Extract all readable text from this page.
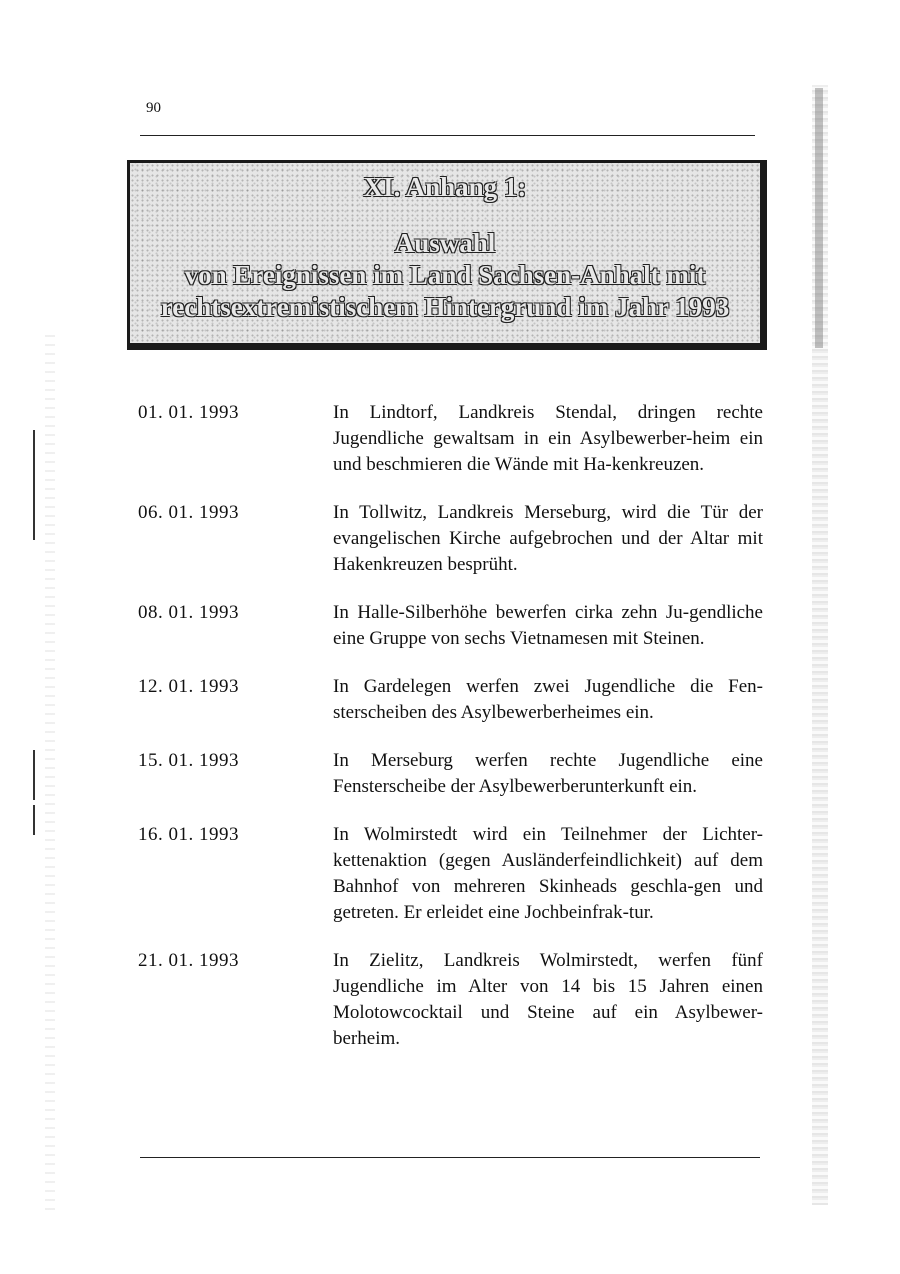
90
XI. Anhang 1:
Auswahl
von Ereignissen im Land Sachsen-Anhalt mit
rechtsextremistischem Hintergrund im Jahr 1993
01. 01. 1993	In Lindtorf, Landkreis Stendal, dringen rechte Jugendliche gewaltsam in ein Asylbewerber-heim ein und beschmieren die Wände mit Ha-kenkreuzen.
06. 01. 1993	In Tollwitz, Landkreis Merseburg, wird die Tür der evangelischen Kirche aufgebrochen und der Altar mit Hakenkreuzen besprüht.
08. 01. 1993	In Halle-Silberhöhe bewerfen cirka zehn Ju-gendliche eine Gruppe von sechs Vietnamesen mit Steinen.
12. 01. 1993	In Gardelegen werfen zwei Jugendliche die Fen-sterscheiben des Asylbewerberheimes ein.
15. 01. 1993	In Merseburg werfen rechte Jugendliche eine Fensterscheibe der Asylbewerberunterkunft ein.
16. 01. 1993	In Wolmirstedt wird ein Teilnehmer der Lichter-kettenaktion (gegen Ausländerfeindlichkeit) auf dem Bahnhof von mehreren Skinheads geschla-gen und getreten. Er erleidet eine Jochbeinfrak-tur.
21. 01. 1993	In Zielitz, Landkreis Wolmirstedt, werfen fünf Jugendliche im Alter von 14 bis 15 Jahren einen Molotowcocktail und Steine auf ein Asylbewer-berheim.
